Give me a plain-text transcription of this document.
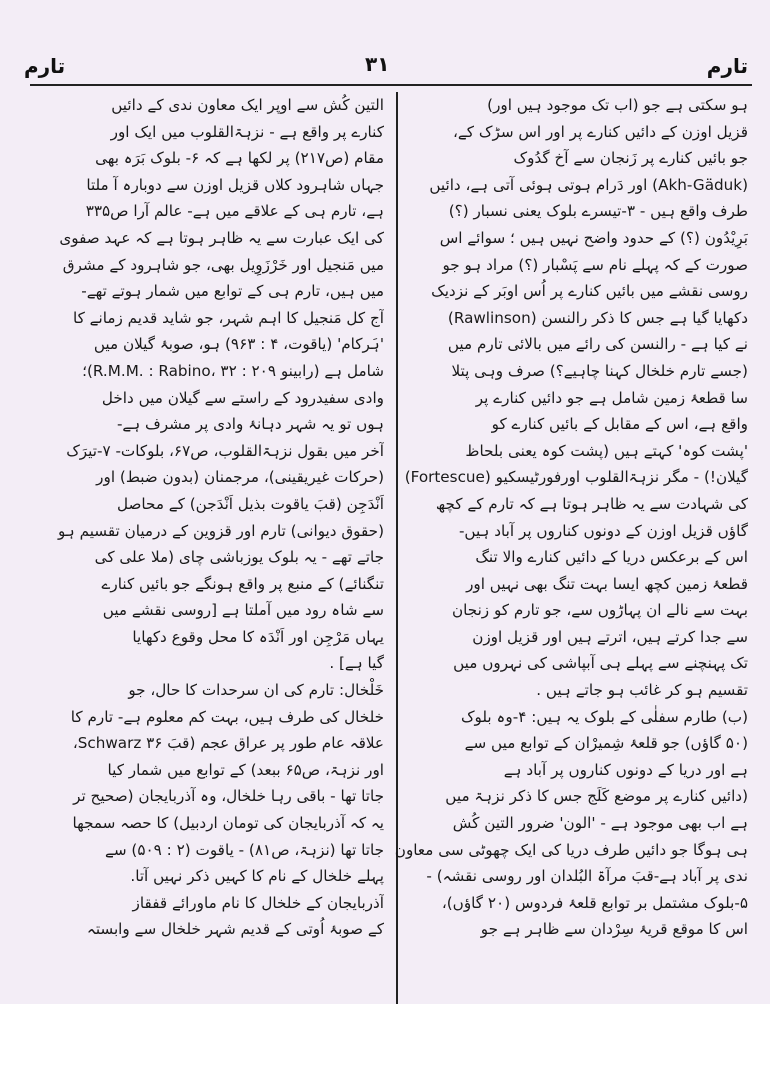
تارم
۳۱
تارم

ہو سکتی ہے جو (اب تک موجود ہیں اور)

قزیل اوزن کے دائیں کنارے پر اور اس سڑک کے،

جو بائیں کنارے پر زَنجان سے آخ گدُوک

(Akh-Gäduk) اور دَرام ہوتی ہوئی آتی ہے، دائیں

طرف واقع ہیں - ۳-تیسرے بلوک یعنی نسبار (؟)

بَرِیْدُون (؟) کے حدود واضح نہیں ہیں ؛ سوائے اس

صورت کے کہ پہلے نام سے پَسْبار (؟) مراد ہو جو

روسی نقشے میں بائیں کنارے پر اُس اوبَر کے نزدیک

دکھایا گیا ہے جس کا ذکر رالنسن (Rawlinson)

نے کیا ہے - رالنسن کی رائے میں بالائی تارم میں

(جسے تارم خلخال کہنا چاہیے؟) صرف وہی پتلا

سا قطعۂ زمین شامل ہے جو دائیں کنارے پر

واقع ہے، اس کے مقابل کے بائیں کنارے کو

'پشت کوہ' کہتے ہیں (پشت کوہ یعنی بلحاظ

گیلان!) - مگر نزہۃالقلوب اورفورٹیسکیو (Fortescue)

کی شہادت سے یہ ظاہر ہوتا ہے کہ تارم کے کچھ

گاؤں قزیل اوزن کے دونوں کناروں پر آباد ہیں-

اس کے برعکس دریا کے دائیں کنارے والا تنگ

قطعۂ زمین کچھ ایسا بہت تنگ بھی نہیں اور

بہت سے نالے ان پہاڑوں سے، جو تارم کو زنجان

سے جدا کرتے ہیں، اترتے ہیں اور قزیل اوزن

تک پہنچنے سے پہلے ہی آبپاشی کی نہروں میں

تقسیم ہو کر غائب ہو جاتے ہیں .

(ب) طارم سفلٰی کے بلوک یہ ہیں: ۴-وہ بلوک

(۵۰ گاؤں) جو قلعۂ شِمیرْان کے توابع میں سے

ہے اور دریا کے دونوں کناروں پر آباد ہے

(دائیں کنارے پر موضع کَلَج جس کا ذکر نزہۃ میں

ہے اب بھی موجود ہے - 'الون' ضرور التین کُش

ہی ہوگا جو دائیں طرف دریا کی ایک چھوٹی سی معاون

ندی پر آباد ہے-قبَ مرآۃ البُلدان اور روسی نقشہ) -

۵-بلوک مشتمل بر توابع قلعۂ فردوس (۲۰ گاؤں)،

اس کا موقع قریۂ سِرْدان سے ظاہر ہے جو

التین کُش سے اوپر ایک معاون ندی کے دائیں

کنارے پر واقع ہے - نزہۃالقلوب میں ایک اور

مقام (ص۲۱۷) پر لکھا ہے کہ ۶- بلوک بَرَہ بھی

جہاں شاہرود کلاں قزیل اوزن سے دوبارہ آ ملتا

ہے، تارم ہی کے علاقے میں ہے- عالم آرا ص۳۳۵

کی ایک عبارت سے یہ ظاہر ہوتا ہے کہ عہد صفوی

میں مَنجیل اور خَرْزَوِیل بھی، جو شاہرود کے مشرق

میں ہیں، تارم ہی کے توابع میں شمار ہوتے تھے-

آج کل مَنجیل کا اہم شہر، جو شاید قدیم زمانے کا

'ہَرکام' (یاقوت، ۴ : ۹۶۳) ہو، صوبۂ گیلان میں

شامل ہے (رابینو R.M.M. : Rabino، ۳۲ : ۲۰۹)؛

وادی سفیدرود کے راستے سے گیلان میں داخل

ہوں تو یہ شہر دہانۂ وادی پر مشرف ہے-

آخر میں بقول نزہۃالقلوب، ص۶۷، بلوکات- ۷-تیرَک

(حرکات غیریقینی)، مرجمنان (بدون ضبط) اور

اَنْدَجِن (قبَ یاقوت بذیل اَنْدَجن) کے محاصل

(حقوق دیوانی) تارم اور قزوین کے درمیان تقسیم ہو

جاتے تھے - یہ بلوک یوزباشی چای (ملا علی کی

تنگنائے) کے منبع پر واقع ہونگے جو بائیں کنارے

سے شاہ رود میں آملتا ہے [روسی نقشے میں

یہاں مَرْجِن اور اَنْدَہ کا محل وقوع دکھایا

گیا ہے] .

خَلْخال: تارم کی ان سرحدات کا حال، جو

خلخال کی طرف ہیں، بہت کم معلوم ہے- تارم کا

علاقہ عام طور پر عراق عجم (قبَ Schwarz ۳۶،

اور نزہۃ، ص۶۵ ببعد) کے توابع میں شمار کیا

جاتا تھا - باقی رہا خلخال، وہ آذربایجان (صحیح تر

یہ کہ آذربایجان کی تومان اردبیل) کا حصہ سمجھا

جاتا تھا (نزہۃ، ص۸۱) - یاقوت (۲ : ۵۰۹) سے

پہلے خلخال کے نام کا کہیں ذکر نہیں آتا.

آذربایجان کے خلخال کا نام ماورائے قفقاز

کے صوبۂ اُوتی کے قدیم شہر خلخال سے وابستہ
